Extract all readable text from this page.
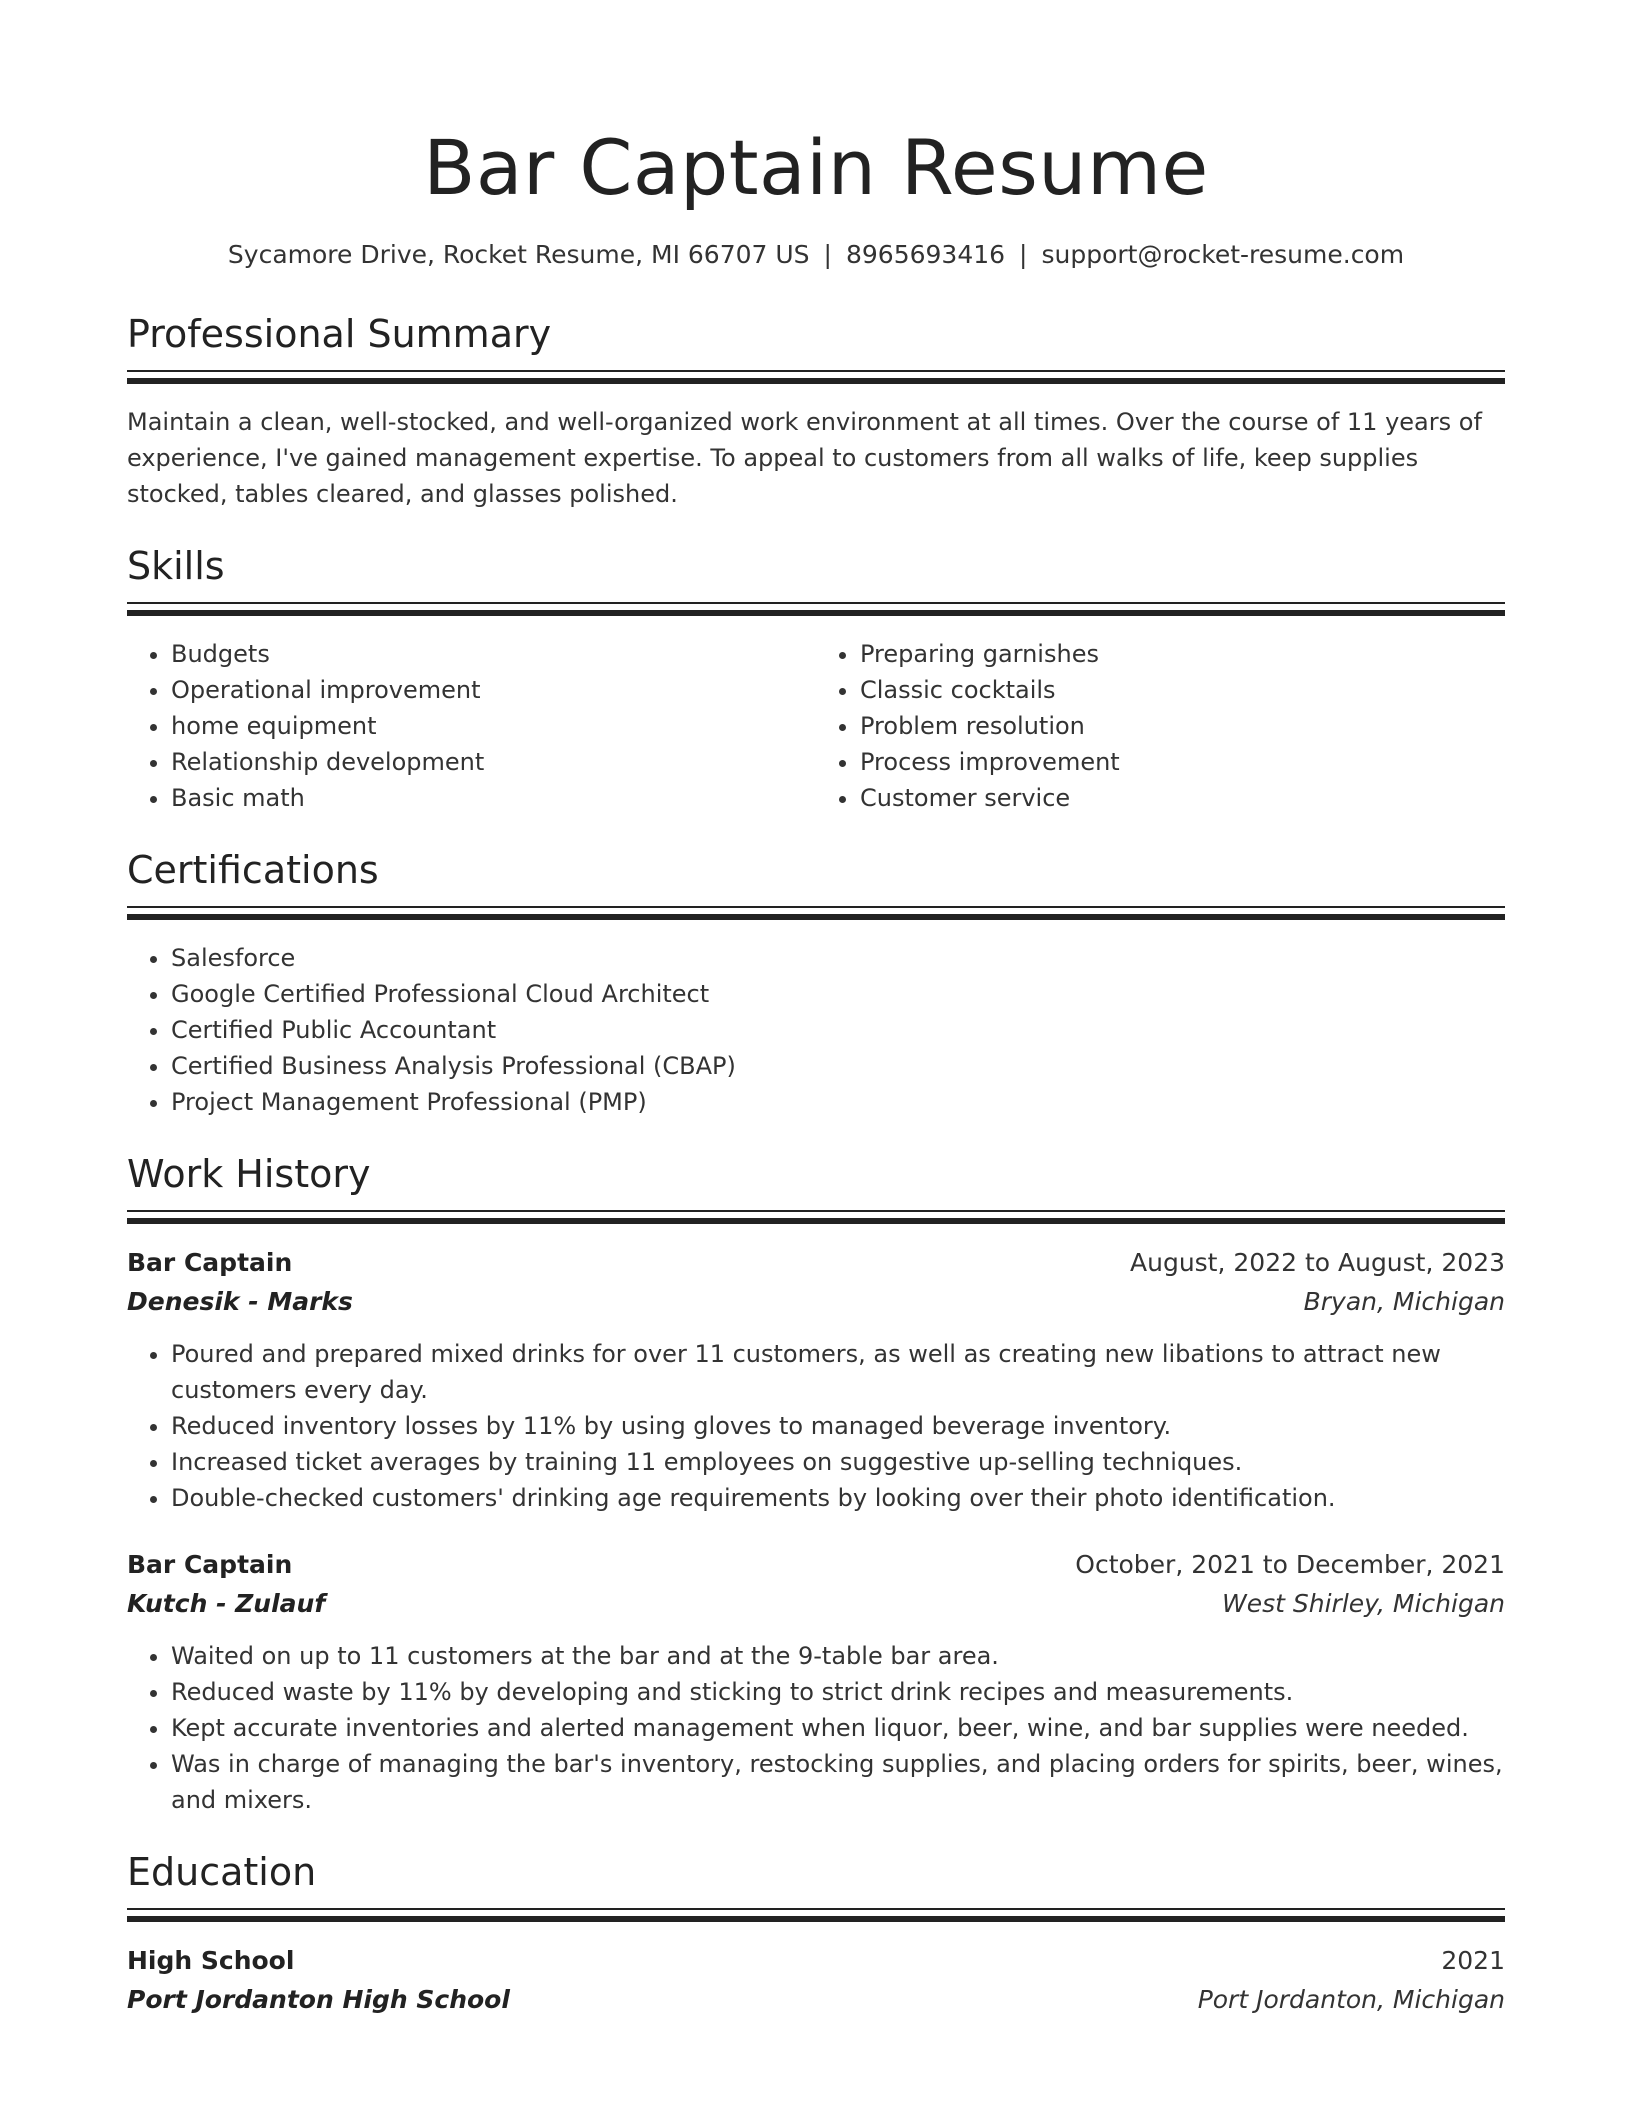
Bar Captain Resume
Sycamore Drive, Rocket Resume, MI 66707 US | 8965693416 | support@rocket-resume.com
Professional Summary

Maintain a clean, well-stocked, and well-organized work environment at all times. Over the course of 11 years of experience, I've gained management expertise. To appeal to customers from all walks of life, keep supplies stocked, tables cleared, and glasses polished.

Skills
• Budgets
• Operational improvement
• home equipment
• Relationship development
• Basic math
• Preparing garnishes
• Classic cocktails
• Problem resolution
• Process improvement
• Customer service
Certifications
• Salesforce
• Google Certified Professional Cloud Architect
• Certified Public Accountant
• Certified Business Analysis Professional (CBAP)
• Project Management Professional (PMP)
Work History
Bar Captain	August, 2022 to August, 2023
Denesik - Marks	Bryan, Michigan
• Poured and prepared mixed drinks for over 11 customers, as well as creating new libations to attract new customers every day.
• Reduced inventory losses by 11% by using gloves to managed beverage inventory.
• Increased ticket averages by training 11 employees on suggestive up-selling techniques.
• Double-checked customers' drinking age requirements by looking over their photo identification.
Bar Captain	October, 2021 to December, 2021
Kutch - Zulauf	West Shirley, Michigan
• Waited on up to 11 customers at the bar and at the 9-table bar area.
• Reduced waste by 11% by developing and sticking to strict drink recipes and measurements.
• Kept accurate inventories and alerted management when liquor, beer, wine, and bar supplies were needed.
• Was in charge of managing the bar's inventory, restocking supplies, and placing orders for spirits, beer, wines, and mixers.
Education
High School	2021
Port Jordanton High School	Port Jordanton, Michigan
